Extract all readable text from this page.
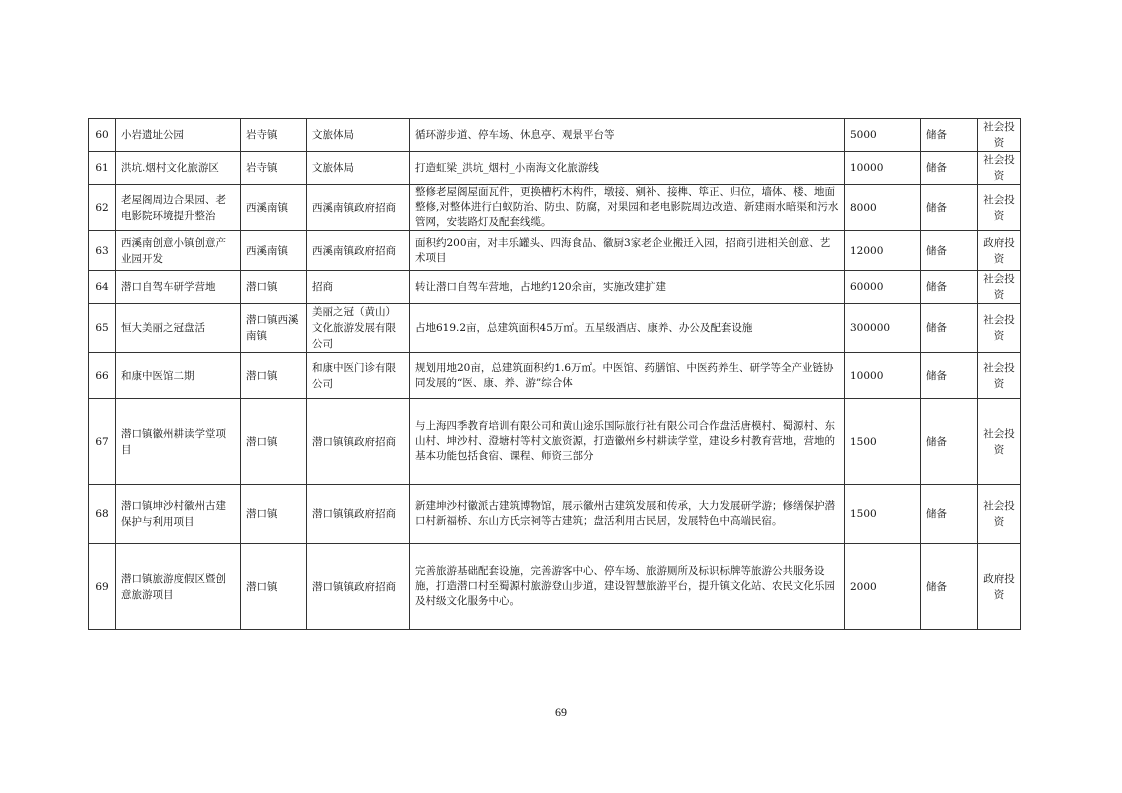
60	小岩遗址公园	岩寺镇	文旅体局	循环游步道、停车场、休息亭、观景平台等	5000	储备	社会投资
61	洪坑.烟村文化旅游区	岩寺镇	文旅体局	打造虹梁_洪坑_烟村_小南海文化旅游线	10000	储备	社会投资
62	老屋阁周边合果园、老电影院环境提升整治	西溪南镇	西溪南镇政府招商	整修老屋阁屋面瓦件，更换槽朽木构件，墩接、剜补、接榫、筚正、归位，墙体、楼、地面整修,对整体进行白蚁防治、防虫、防腐，对果园和老电影院周边改造、新建雨水暗渠和污水管网，安装路灯及配套线缆。	8000	储备	社会投资
63	西溪南创意小镇创意产业园开发	西溪南镇	西溪南镇政府招商	面积约200亩，对丰乐罐头、四海食品、徽厨3家老企业搬迁入园，招商引进相关创意、艺术项目	12000	储备	政府投资
64	潜口自驾车研学营地	潜口镇	招商	转让潜口自驾车营地，占地约120余亩，实施改建扩建	60000	储备	社会投资
65	恒大美丽之冠盘活	潜口镇西溪南镇	美丽之冠（黄山）文化旅游发展有限公司	占地619.2亩，总建筑面积45万㎡。五星级酒店、康养、办公及配套设施	300000	储备	社会投资
66	和康中医馆二期	潜口镇	和康中医门诊有限公司	规划用地20亩，总建筑面积约1.6万㎡。中医馆、药膳馆、中医药养生、研学等全产业链协同发展的“医、康、养、游”综合体	10000	储备	社会投资
67	潜口镇徽州耕读学堂项目	潜口镇	潜口镇镇政府招商	与上海四季教育培训有限公司和黄山途乐国际旅行社有限公司合作盘活唐模村、蜀源村、东山村、坤沙村、澄塘村等村文旅资源，打造徽州乡村耕读学堂，建设乡村教育营地，营地的基本功能包括食宿、课程、师资三部分	1500	储备	社会投资
68	潜口镇坤沙村徽州古建保护与利用项目	潜口镇	潜口镇镇政府招商	新建坤沙村徽派古建筑博物馆，展示徽州古建筑发展和传承，大力发展研学游；修缮保护潜口村新福桥、东山方氏宗祠等古建筑；盘活利用古民居，发展特色中高端民宿。	1500	储备	社会投资
69	潜口镇旅游度假区暨创意旅游项目	潜口镇	潜口镇镇政府招商	完善旅游基础配套设施，完善游客中心、停车场、旅游厕所及标识标牌等旅游公共服务设施，打造潜口村至蜀源村旅游登山步道，建设智慧旅游平台，提升镇文化站、农民文化乐园及村级文化服务中心。	2000	储备	政府投资
69
